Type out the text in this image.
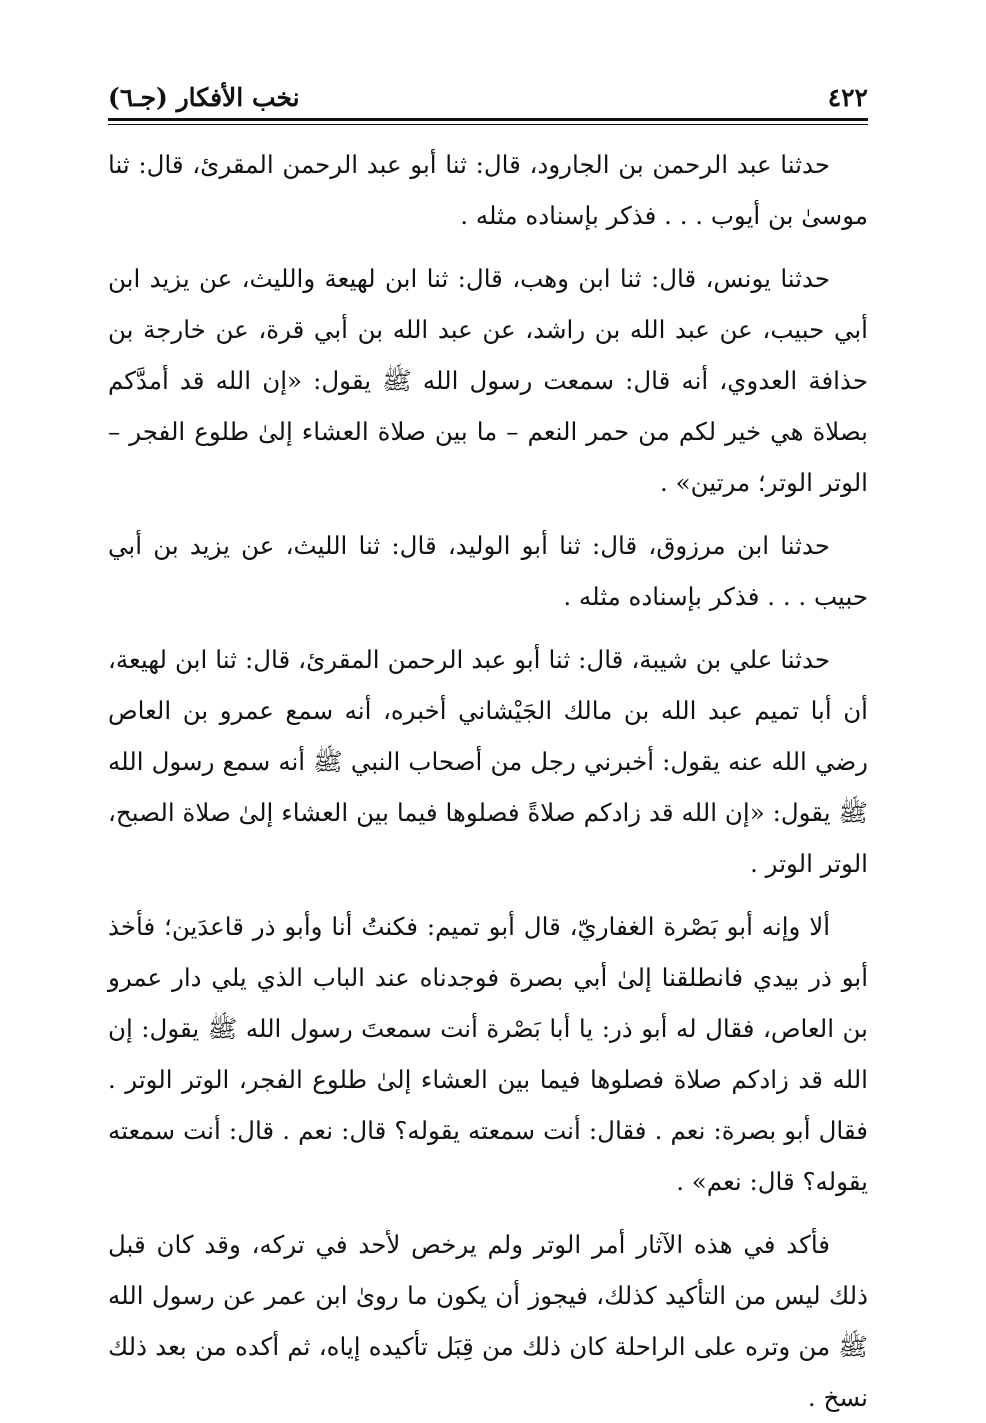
٤٢٢
نخب الأفكار (جـ٦)

حدثنا عبد الرحمن بن الجارود، قال: ثنا أبو عبد الرحمن المقرئ، قال: ثنا موسىٰ بن أيوب . . . فذكر بإسناده مثله .

حدثنا يونس، قال: ثنا ابن وهب، قال: ثنا ابن لهيعة والليث، عن يزيد ابن أبي حبيب، عن عبد الله بن راشد، عن عبد الله بن أبي قرة، عن خارجة بن حذافة العدوي، أنه قال: سمعت رسول الله ﷺ يقول: «إن الله قد أمدَّكم بصلاة هي خير لكم من حمر النعم – ما بين صلاة العشاء إلىٰ طلوع الفجر – الوتر الوتر؛ مرتين» .

حدثنا ابن مرزوق، قال: ثنا أبو الوليد، قال: ثنا الليث، عن يزيد بن أبي حبيب . . . فذكر بإسناده مثله .

حدثنا علي بن شيبة، قال: ثنا أبو عبد الرحمن المقرئ، قال: ثنا ابن لهيعة، أن أبا تميم عبد الله بن مالك الجَيْشاني أخبره، أنه سمع عمرو بن العاص رضي الله عنه يقول: أخبرني رجل من أصحاب النبي ﷺ أنه سمع رسول الله ﷺ يقول: «إن الله قد زادكم صلاةً فصلوها فيما بين العشاء إلىٰ صلاة الصبح، الوتر الوتر .

ألا وإنه أبو بَصْرة الغفاريّ، قال أبو تميم: فكنتُ أنا وأبو ذر قاعدَين؛ فأخذ أبو ذر بيدي فانطلقنا إلىٰ أبي بصرة فوجدناه عند الباب الذي يلي دار عمرو بن العاص، فقال له أبو ذر: يا أبا بَصْرة أنت سمعتَ رسول الله ﷺ يقول: إن الله قد زادكم صلاة فصلوها فيما بين العشاء إلىٰ طلوع الفجر، الوتر الوتر . فقال أبو بصرة: نعم . فقال: أنت سمعته يقوله؟ قال: نعم . قال: أنت سمعته يقوله؟ قال: نعم» .

فأكد في هذه الآثار أمر الوتر ولم يرخص لأحد في تركه، وقد كان قبل ذلك ليس من التأكيد كذلك، فيجوز أن يكون ما روىٰ ابن عمر عن رسول الله ﷺ من وتره على الراحلة كان ذلك من قِبَل تأكيده إياه، ثم أكده من بعد ذلك نسخ .
